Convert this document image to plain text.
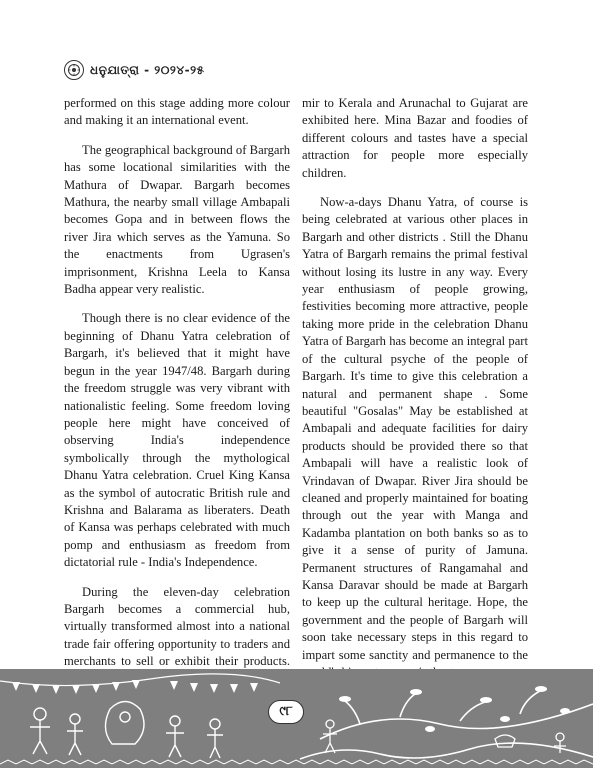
ଧନୁଯାତ୍ରା - ୨୦୨୪-୨୫

performed on this stage adding more colour and making it an international event.

The geographical background of Bargarh has some locational similarities with the Mathura of Dwapar. Bargarh becomes Mathura, the nearby small village Ambapali becomes Gopa and in between flows the river Jira which serves as the Yamuna. So the enactments from Ugrasen's imprisonment, Krishna Leela to Kansa Badha appear very realistic.

Though there is no clear evidence of the beginning of Dhanu Yatra celebration of Bargarh, it's believed that it might have begun in the year 1947/48. Bargarh during the freedom struggle was very vibrant with nationalistic feeling. Some freedom loving people here might have conceived of observing India's independence symbolically through the mythological Dhanu Yatra celebration. Cruel King Kansa as the symbol of autocratic British rule and Krishna and Balarama as liberaters. Death of Kansa was perhaps celebrated with much pomp and enthusiasm as freedom from dictatorial rule - India's Independence.

During the eleven-day celebration Bargarh becomes a commercial hub, virtually transformed almost into a national trade fair offering opportunity to traders and merchants to sell or exhibit their products.

mir to Kerala and Arunachal to Gujarat are exhibited here. Mina Bazar and foodies of different colours and tastes have a special attraction for people more especially children.

Now-a-days Dhanu Yatra, of course is being celebrated at various other places in Bargarh and other districts . Still the Dhanu Yatra of Bargarh remains the primal festival without losing its lustre in any way. Every year enthusiasm of people growing, festivities becoming more attractive, people taking more pride in the celebration Dhanu Yatra of Bargarh has become an integral part of the cultural psyche of the people of Bargarh. It's time to give this celebration a natural and permanent shape . Some beautiful "Gosalas" May be established at Ambapali and adequate facilities for dairy products should be provided there so that Ambapali will have a realistic look of Vrindavan of Dwapar. River Jira should be cleaned and properly maintained for boating through out the year with Manga and Kadamba plantation on both banks so as to give it a sense of purity of Jamuna. Permanent structures of Rangamahal and Kansa Daravar should be made at Bargarh to keep up the cultural heritage. Hope, the government and the people of Bargarh will soon take necessary steps in this regard to impart some sanctity and permanence to the

୯୮
